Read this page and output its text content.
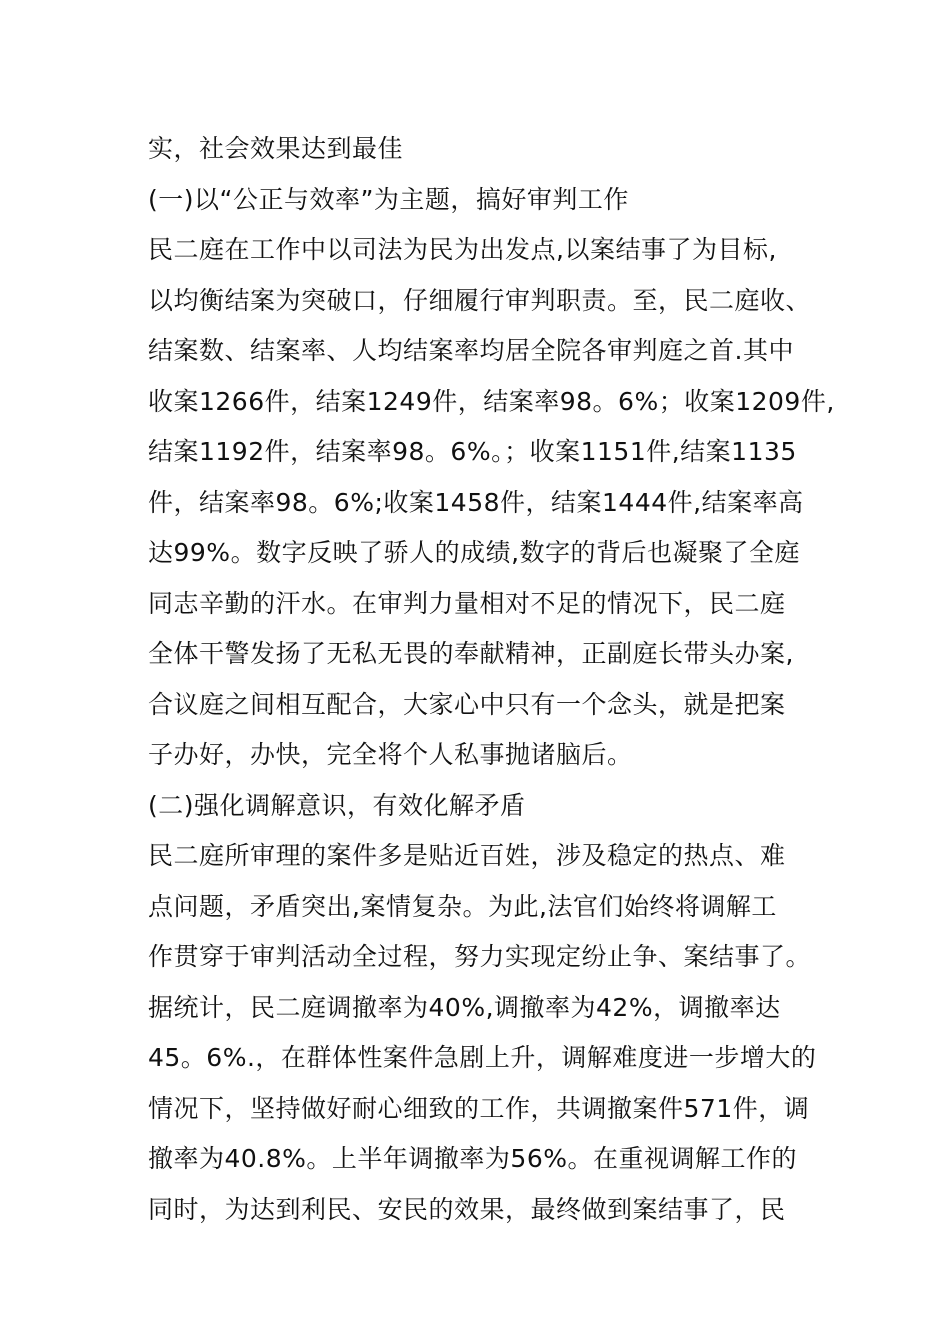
实，社会效果达到最佳
(一)以“公正与效率”为主题，搞好审判工作
民二庭在工作中以司法为民为出发点,以案结事了为目标,
以均衡结案为突破口，仔细履行审判职责。至，民二庭收、
结案数、结案率、人均结案率均居全院各审判庭之首.其中
收案1266件，结案1249件，结案率98。6%；收案1209件,
结案1192件，结案率98。6%。；收案1151件,结案1135
件，结案率98。6%;收案1458件，结案1444件,结案率高
达99%。数字反映了骄人的成绩,数字的背后也凝聚了全庭
同志辛勤的汗水。在审判力量相对不足的情况下，民二庭
全体干警发扬了无私无畏的奉献精神，正副庭长带头办案,
合议庭之间相互配合，大家心中只有一个念头，就是把案
子办好，办快，完全将个人私事抛诸脑后。
(二)强化调解意识，有效化解矛盾
民二庭所审理的案件多是贴近百姓，涉及稳定的热点、难
点问题，矛盾突出,案情复杂。为此,法官们始终将调解工
作贯穿于审判活动全过程，努力实现定纷止争、案结事了。
据统计，民二庭调撤率为40%,调撤率为42%，调撤率达
45。6%.，在群体性案件急剧上升，调解难度进一步增大的
情况下，坚持做好耐心细致的工作，共调撤案件571件，调
撤率为40.8%。上半年调撤率为56%。在重视调解工作的
同时，为达到利民、安民的效果，最终做到案结事了，民
